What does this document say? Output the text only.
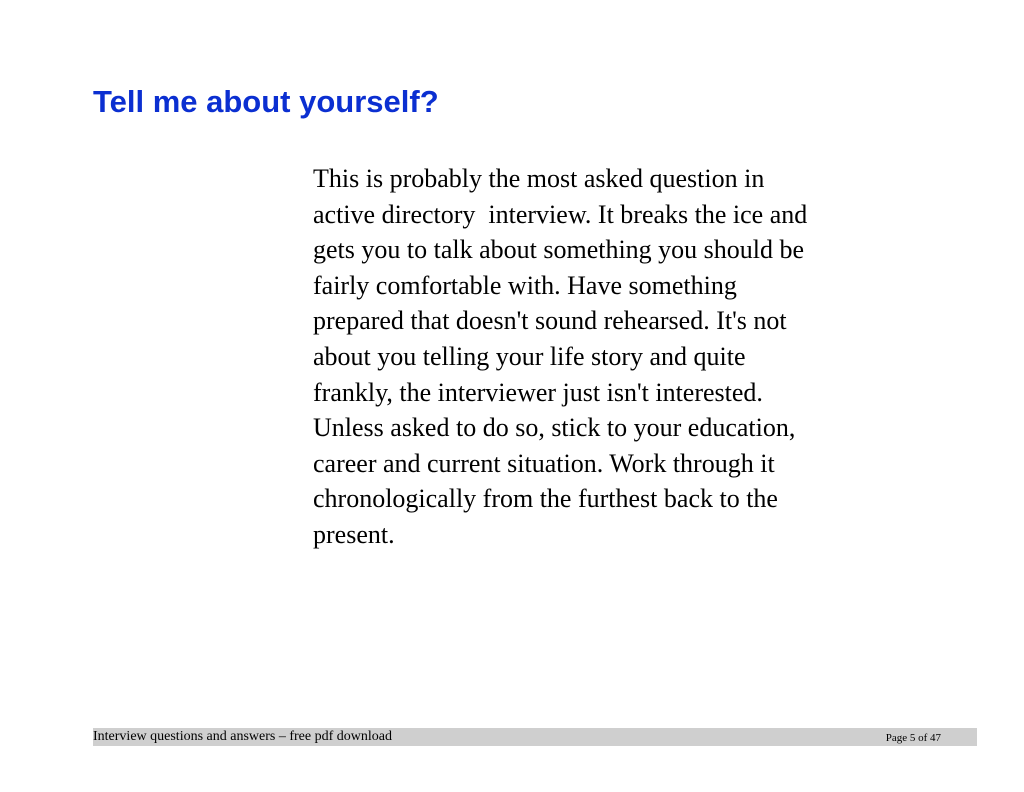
Tell me about yourself?
This is probably the most asked question in
active directory  interview. It breaks the ice and
gets you to talk about something you should be
fairly comfortable with. Have something
prepared that doesn't sound rehearsed. It's not
about you telling your life story and quite
frankly, the interviewer just isn't interested.
Unless asked to do so, stick to your education,
career and current situation. Work through it
chronologically from the furthest back to the
present.
Interview questions and answers – free pdf download	Page 5 of 47
